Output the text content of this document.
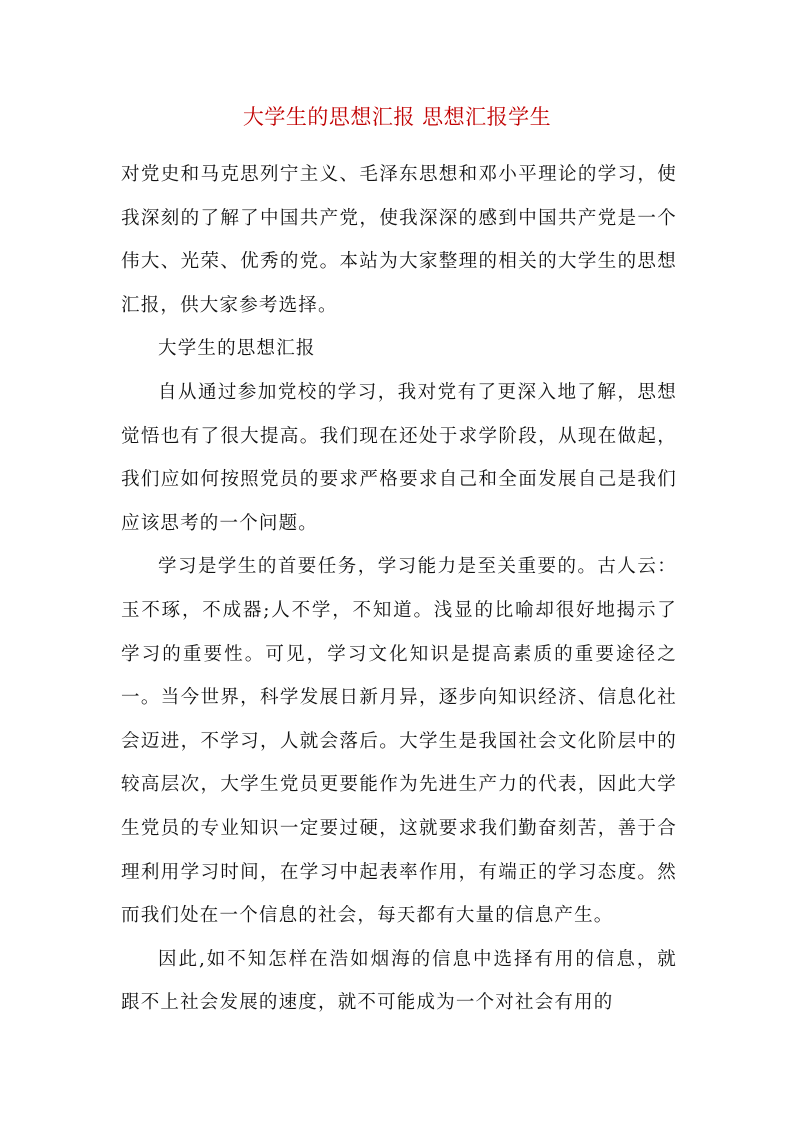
大学生的思想汇报 思想汇报学生

对党史和马克思列宁主义、毛泽东思想和邓小平理论的学习，使我深刻的了解了中国共产党，使我深深的感到中国共产党是一个伟大、光荣、优秀的党。本站为大家整理的相关的大学生的思想汇报，供大家参考选择。

大学生的思想汇报

自从通过参加党校的学习，我对党有了更深入地了解，思想觉悟也有了很大提高。我们现在还处于求学阶段，从现在做起，我们应如何按照党员的要求严格要求自己和全面发展自己是我们应该思考的一个问题。

学习是学生的首要任务，学习能力是至关重要的。古人云：玉不琢，不成器;人不学，不知道。浅显的比喻却很好地揭示了学习的重要性。可见，学习文化知识是提高素质的重要途径之一。当今世界，科学发展日新月异，逐步向知识经济、信息化社会迈进，不学习，人就会落后。大学生是我国社会文化阶层中的较高层次，大学生党员更要能作为先进生产力的代表，因此大学生党员的专业知识一定要过硬，这就要求我们勤奋刻苦，善于合理利用学习时间，在学习中起表率作用，有端正的学习态度。然而我们处在一个信息的社会，每天都有大量的信息产生。

因此,如不知怎样在浩如烟海的信息中选择有用的信息，就跟不上社会发展的速度，就不可能成为一个对社会有用的
